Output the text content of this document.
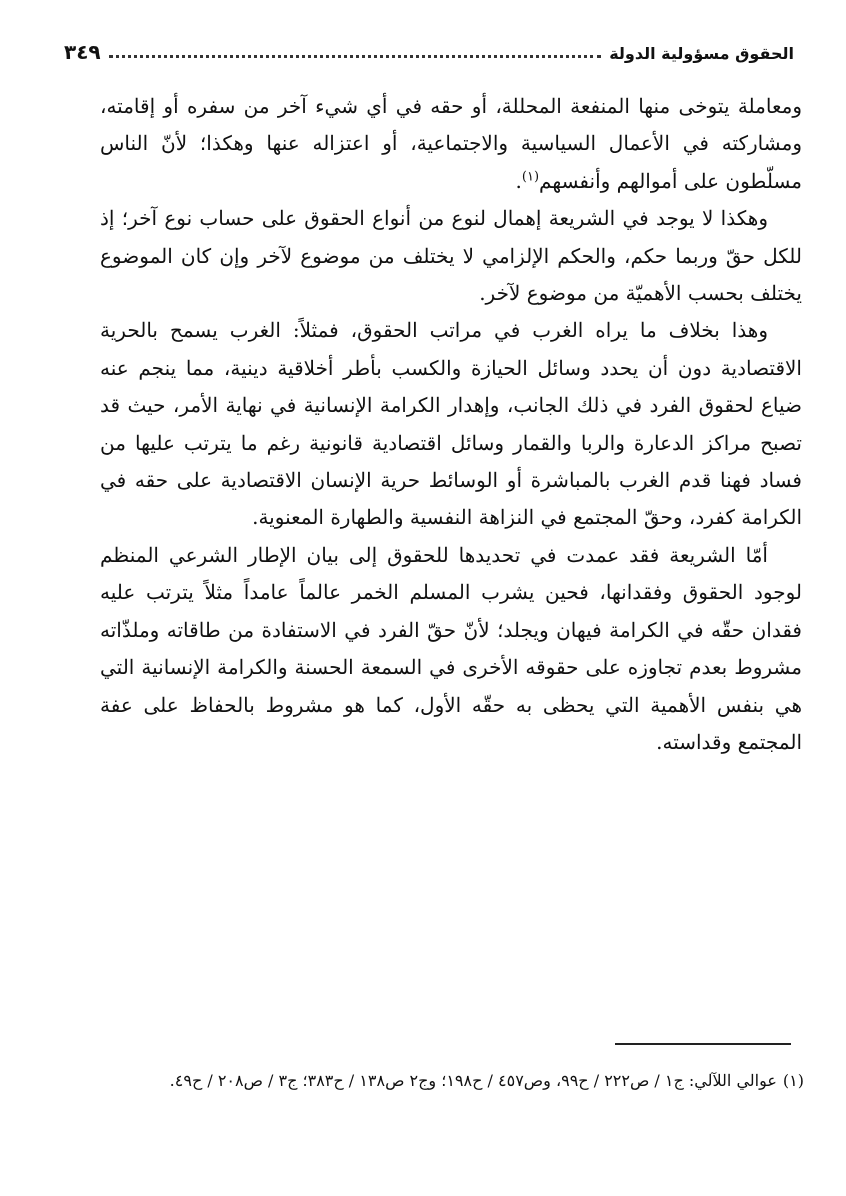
الحقوق مسؤولية الدولة
٣٤٩

ومعاملة يتوخى منها المنفعة المحللة، أو حقه في أي شيء آخر من سفره أو إقامته، ومشاركته في الأعمال السياسية والاجتماعية، أو اعتزاله عنها وهكذا؛ لأنّ الناس مسلّطون على أموالهم وأنفسهم$^{(١)}$.

وهكذا لا يوجد في الشريعة إهمال لنوع من أنواع الحقوق على حساب نوع آخر؛ إذ للكل حقّ وربما حكم، والحكم الإلزامي لا يختلف من موضوع لآخر وإن كان الموضوع يختلف بحسب الأهميّة من موضوع لآخر.

وهذا بخلاف ما يراه الغرب في مراتب الحقوق، فمثلاً: الغرب يسمح بالحرية الاقتصادية دون أن يحدد وسائل الحيازة والكسب بأطر أخلاقية دينية، مما ينجم عنه ضياع لحقوق الفرد في ذلك الجانب، وإهدار الكرامة الإنسانية في نهاية الأمر، حيث قد تصبح مراكز الدعارة والربا والقمار وسائل اقتصادية قانونية رغم ما يترتب عليها من فساد فهنا قدم الغرب بالمباشرة أو الوسائط حرية الإنسان الاقتصادية على حقه في الكرامة كفرد، وحقّ المجتمع في النزاهة النفسية والطهارة المعنوية.

أمّا الشريعة فقد عمدت في تحديدها للحقوق إلى بيان الإطار الشرعي المنظم لوجود الحقوق وفقدانها، فحين يشرب المسلم الخمر عالماً عامداً مثلاً يترتب عليه فقدان حقّه في الكرامة فيهان ويجلد؛ لأنّ حقّ الفرد في الاستفادة من طاقاته وملذّاته مشروط بعدم تجاوزه على حقوقه الأخرى في السمعة الحسنة والكرامة الإنسانية التي هي بنفس الأهمية التي يحظى به حقّه الأول، كما هو مشروط بالحفاظ على عفة المجتمع وقداسته.

(١)عوالي اللآلي: ج١ / ص٢٢٢ / ح٩٩، وص٤٥٧ / ح١٩٨؛ وج٢ ص١٣٨ / ح٣٨٣؛ ج٣ / ص٢٠٨ / ح٤٩.
